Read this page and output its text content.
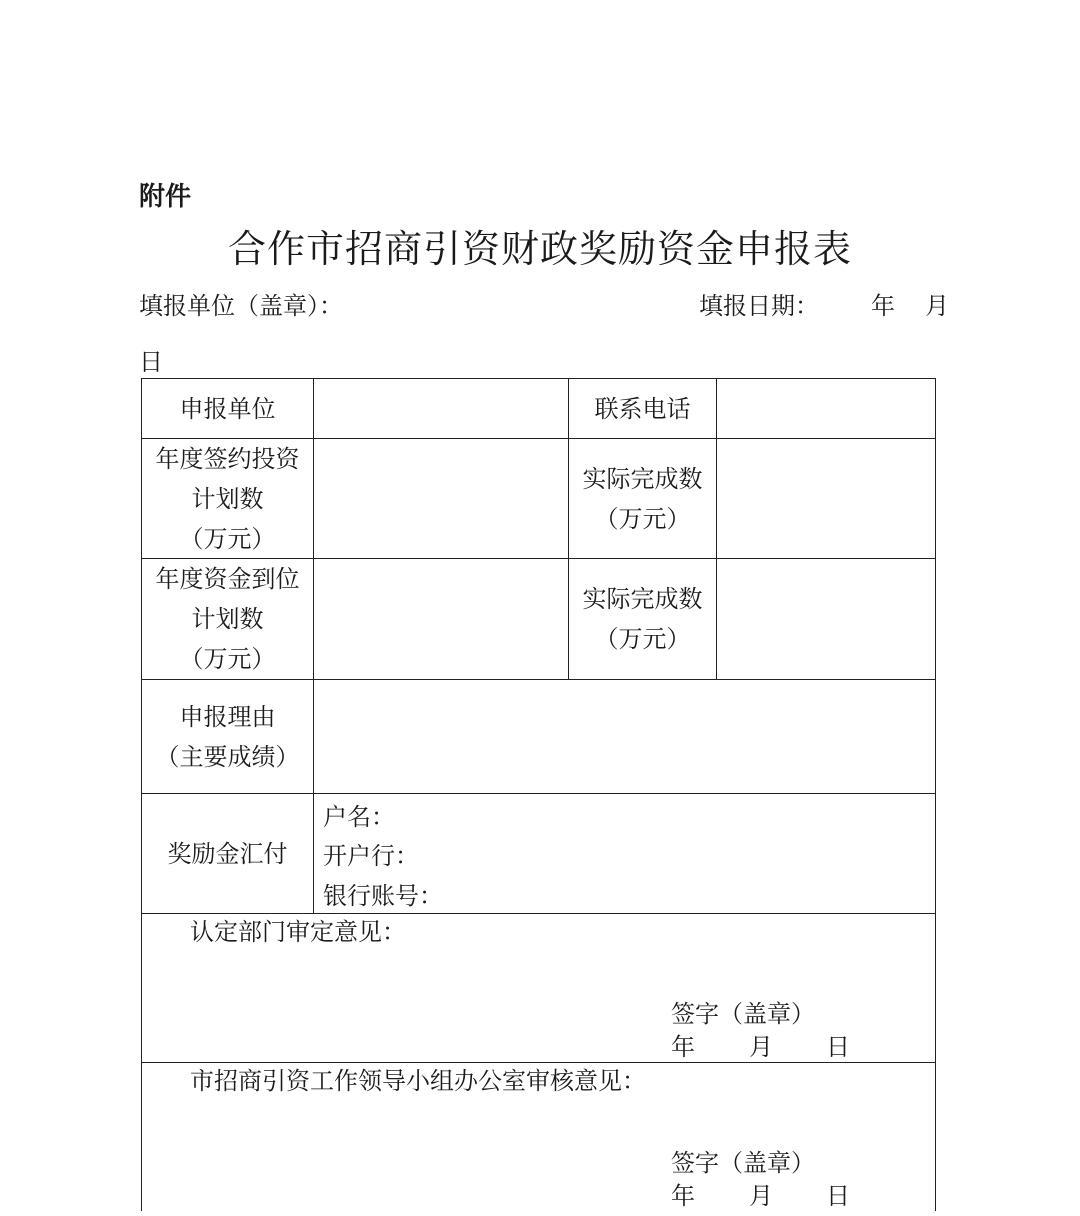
附件
合作市招商引资财政奖励资金申报表
填报单位（盖章）：	填报日期： 年 月
日
申报单位	联系电话
年度签约投资
计划数
（万元）
实际完成数
（万元）
年度资金到位
计划数
（万元）
实际完成数
（万元）
申报理由
（主要成绩）
奖励金汇付
户名：
开户行：
银行账号：
认定部门审定意见：
签字（盖章）
年 月 日
市招商引资工作领导小组办公室审核意见：
签字（盖章）
年 月 日
